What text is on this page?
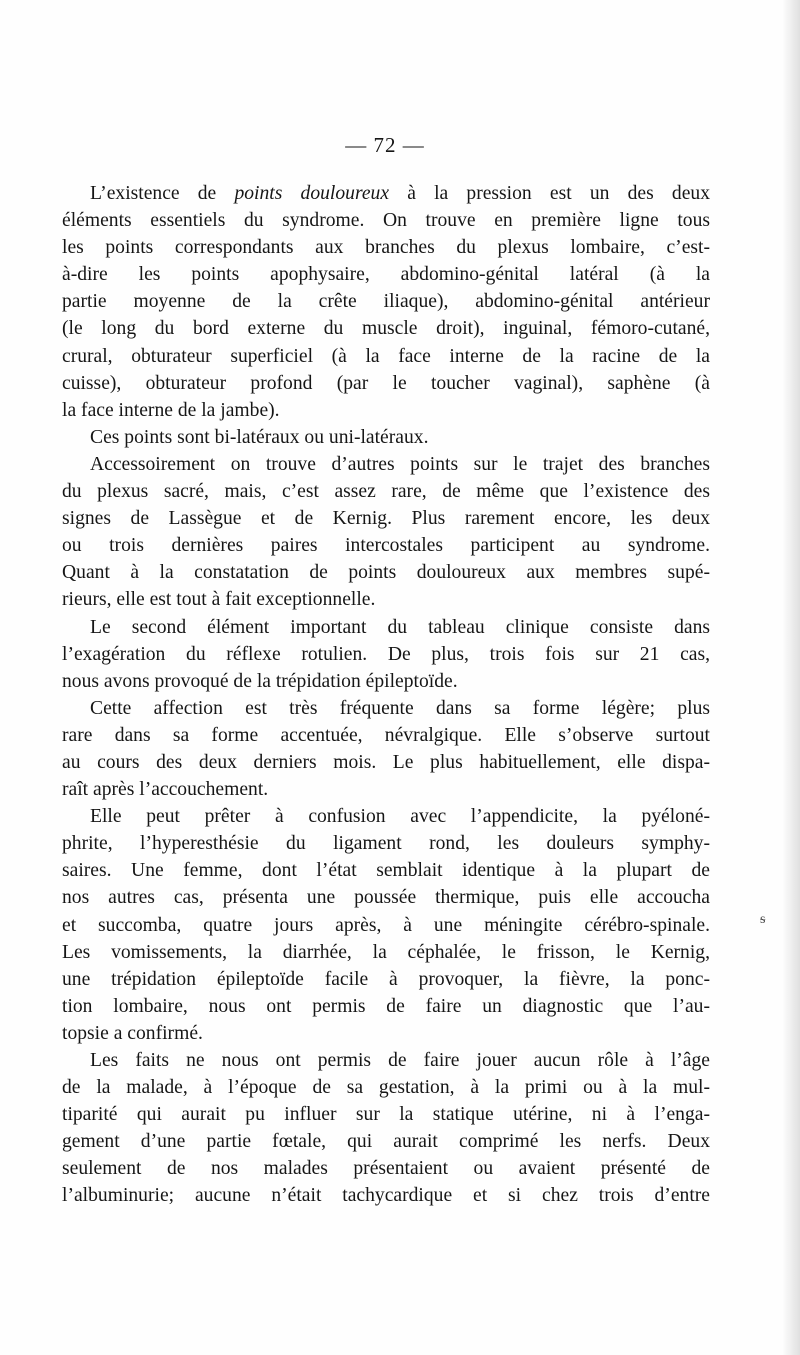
— 72 —

L’existence de points douloureux à la pression est un des deux
éléments essentiels du syndrome. On trouve en première ligne tous
les points correspondants aux branches du plexus lombaire, c’est-
à-dire les points apophysaire, abdomino-génital latéral (à la
partie moyenne de la crête iliaque), abdomino-génital antérieur
(le long du bord externe du muscle droit), inguinal, fémoro-cutané,
crural, obturateur superficiel (à la face interne de la racine de la
cuisse), obturateur profond (par le toucher vaginal), saphène (à
la face interne de la jambe).

Ces points sont bi-latéraux ou uni-latéraux.

Accessoirement on trouve d’autres points sur le trajet des branches
du plexus sacré, mais, c’est assez rare, de même que l’existence des
signes de Lassègue et de Kernig. Plus rarement encore, les deux
ou trois dernières paires intercostales participent au syndrome.
Quant à la constatation de points douloureux aux membres supé-
rieurs, elle est tout à fait exceptionnelle.

Le second élément important du tableau clinique consiste dans
l’exagération du réflexe rotulien. De plus, trois fois sur 21 cas,
nous avons provoqué de la trépidation épileptoïde.

Cette affection est très fréquente dans sa forme légère; plus
rare dans sa forme accentuée, névralgique. Elle s’observe surtout
au cours des deux derniers mois. Le plus habituellement, elle dispa-
raît après l’accouchement.

Elle peut prêter à confusion avec l’appendicite, la pyéloné-
phrite, l’hyperesthésie du ligament rond, les douleurs symphy-
saires. Une femme, dont l’état semblait identique à la plupart de
nos autres cas, présenta une poussée thermique, puis elle accoucha
et succomba, quatre jours après, à une méningite cérébro-spinale.
Les vomissements, la diarrhée, la céphalée, le frisson, le Kernig,
une trépidation épileptoïde facile à provoquer, la fièvre, la ponc-
tion lombaire, nous ont permis de faire un diagnostic que l’au-
topsie a confirmé.

Les faits ne nous ont permis de faire jouer aucun rôle à l’âge
de la malade, à l’époque de sa gestation, à la primi ou à la mul-
tiparité qui aurait pu influer sur la statique utérine, ni à l’enga-
gement d’une partie fœtale, qui aurait comprimé les nerfs. Deux
seulement de nos malades présentaient ou avaient présenté de
l’albuminurie; aucune n’était tachycardique et si chez trois d’entre

ᵴ
